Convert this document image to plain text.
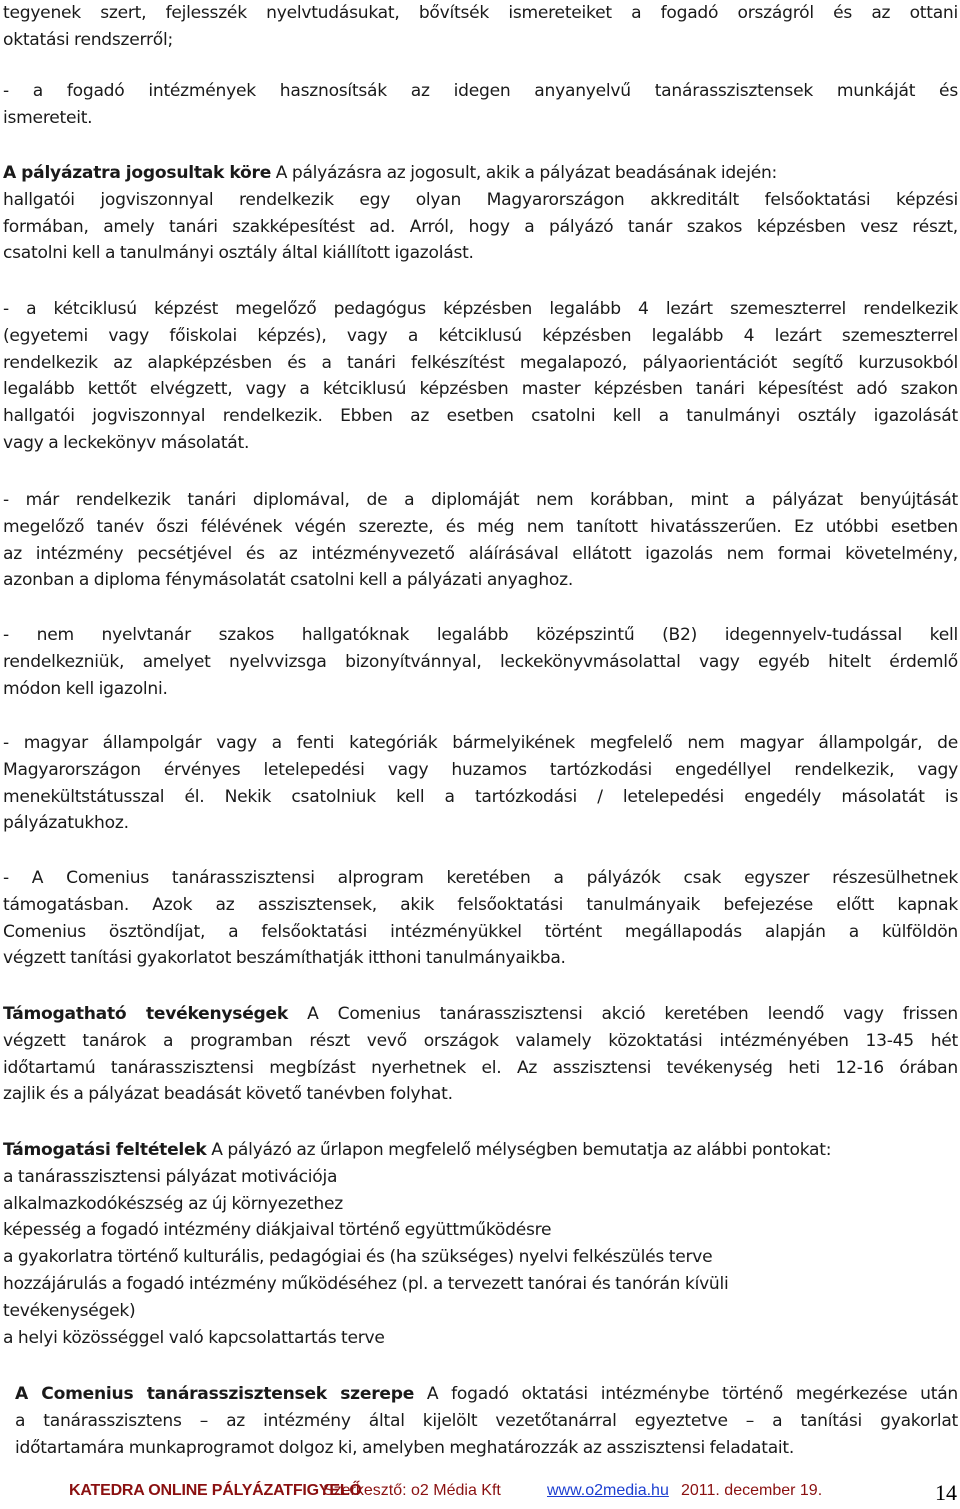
tegyenek szert, fejlesszék nyelvtudásukat, bővítsék ismereteiket a fogadó országról és az ottani
oktatási rendszerről;
- a fogadó intézmények hasznosítsák az idegen anyanyelvű tanárasszisztensek munkáját és
ismereteit.
A pályázatra jogosultak köre A pályázásra az jogosult, akik a pályázat beadásának idején:
hallgatói jogviszonnyal rendelkezik egy olyan Magyarországon akkreditált felsőoktatási képzési
formában, amely tanári szakképesítést ad. Arról, hogy a pályázó tanár szakos képzésben vesz részt,
csatolni kell a tanulmányi osztály által kiállított igazolást.
- a kétciklusú képzést megelőző pedagógus képzésben legalább 4 lezárt szemeszterrel rendelkezik
(egyetemi vagy főiskolai képzés), vagy a kétciklusú képzésben legalább 4 lezárt szemeszterrel
rendelkezik az alapképzésben és a tanári felkészítést megalapozó, pályaorientációt segítő kurzusokból
legalább kettőt elvégzett, vagy a kétciklusú képzésben master képzésben tanári képesítést adó szakon
hallgatói jogviszonnyal rendelkezik. Ebben az esetben csatolni kell a tanulmányi osztály igazolását
vagy a leckekönyv másolatát.
- már rendelkezik tanári diplomával, de a diplomáját nem korábban, mint a pályázat benyújtását
megelőző tanév őszi félévének végén szerezte, és még nem tanított hivatásszerűen. Ez utóbbi esetben
az intézmény pecsétjével és az intézményvezető aláírásával ellátott igazolás nem formai követelmény,
azonban a diploma fénymásolatát csatolni kell a pályázati anyaghoz.
- nem nyelvtanár szakos hallgatóknak legalább középszintű (B2) idegennyelv-tudással kell
rendelkezniük, amelyet nyelvvizsga bizonyítvánnyal, leckekönyvmásolattal vagy egyéb hitelt érdemlő
módon kell igazolni.
- magyar állampolgár vagy a fenti kategóriák bármelyikének megfelelő nem magyar állampolgár, de
Magyarországon érvényes letelepedési vagy huzamos tartózkodási engedéllyel rendelkezik, vagy
menekültstátusszal él. Nekik csatolniuk kell a tartózkodási / letelepedési engedély másolatát is
pályázatukhoz.
- A Comenius tanárasszisztensi alprogram keretében a pályázók csak egyszer részesülhetnek
támogatásban. Azok az asszisztensek, akik felsőoktatási tanulmányaik befejezése előtt kapnak
Comenius ösztöndíjat, a felsőoktatási intézményükkel történt megállapodás alapján a külföldön
végzett tanítási gyakorlatot beszámíthatják itthoni tanulmányaikba.
Támogatható tevékenységek A Comenius tanárasszisztensi akció keretében leendő vagy frissen
végzett tanárok a programban részt vevő országok valamely közoktatási intézményében 13-45 hét
időtartamú tanárasszisztensi megbízást nyerhetnek el. Az asszisztensi tevékenység heti 12-16 órában
zajlik és a pályázat beadását követő tanévben folyhat.
Támogatási feltételek A pályázó az űrlapon megfelelő mélységben bemutatja az alábbi pontokat:
a tanárasszisztensi pályázat motivációja
alkalmazkodókészség az új környezethez
képesség a fogadó intézmény diákjaival történő együttműködésre
a gyakorlatra történő kulturális, pedagógiai és (ha szükséges) nyelvi felkészülés terve
hozzájárulás a fogadó intézmény működéséhez (pl. a tervezett tanórai és tanórán kívüli
tevékenységek)
a helyi közösséggel való kapcsolattartás terve
A Comenius tanárasszisztensek szerepe A fogadó oktatási intézménybe történő megérkezése után
a tanárasszisztens – az intézmény által kijelölt vezetőtanárral egyeztetve – a tanítási gyakorlat
időtartamára munkaprogramot dolgoz ki, amelyben meghatározzák az asszisztensi feladatait.
KATEDRA ONLINE PÁLYÁZATFIGYELŐ
Szerkesztő: o2 Média Kft	www.o2media.hu 2011. december 19.	14
